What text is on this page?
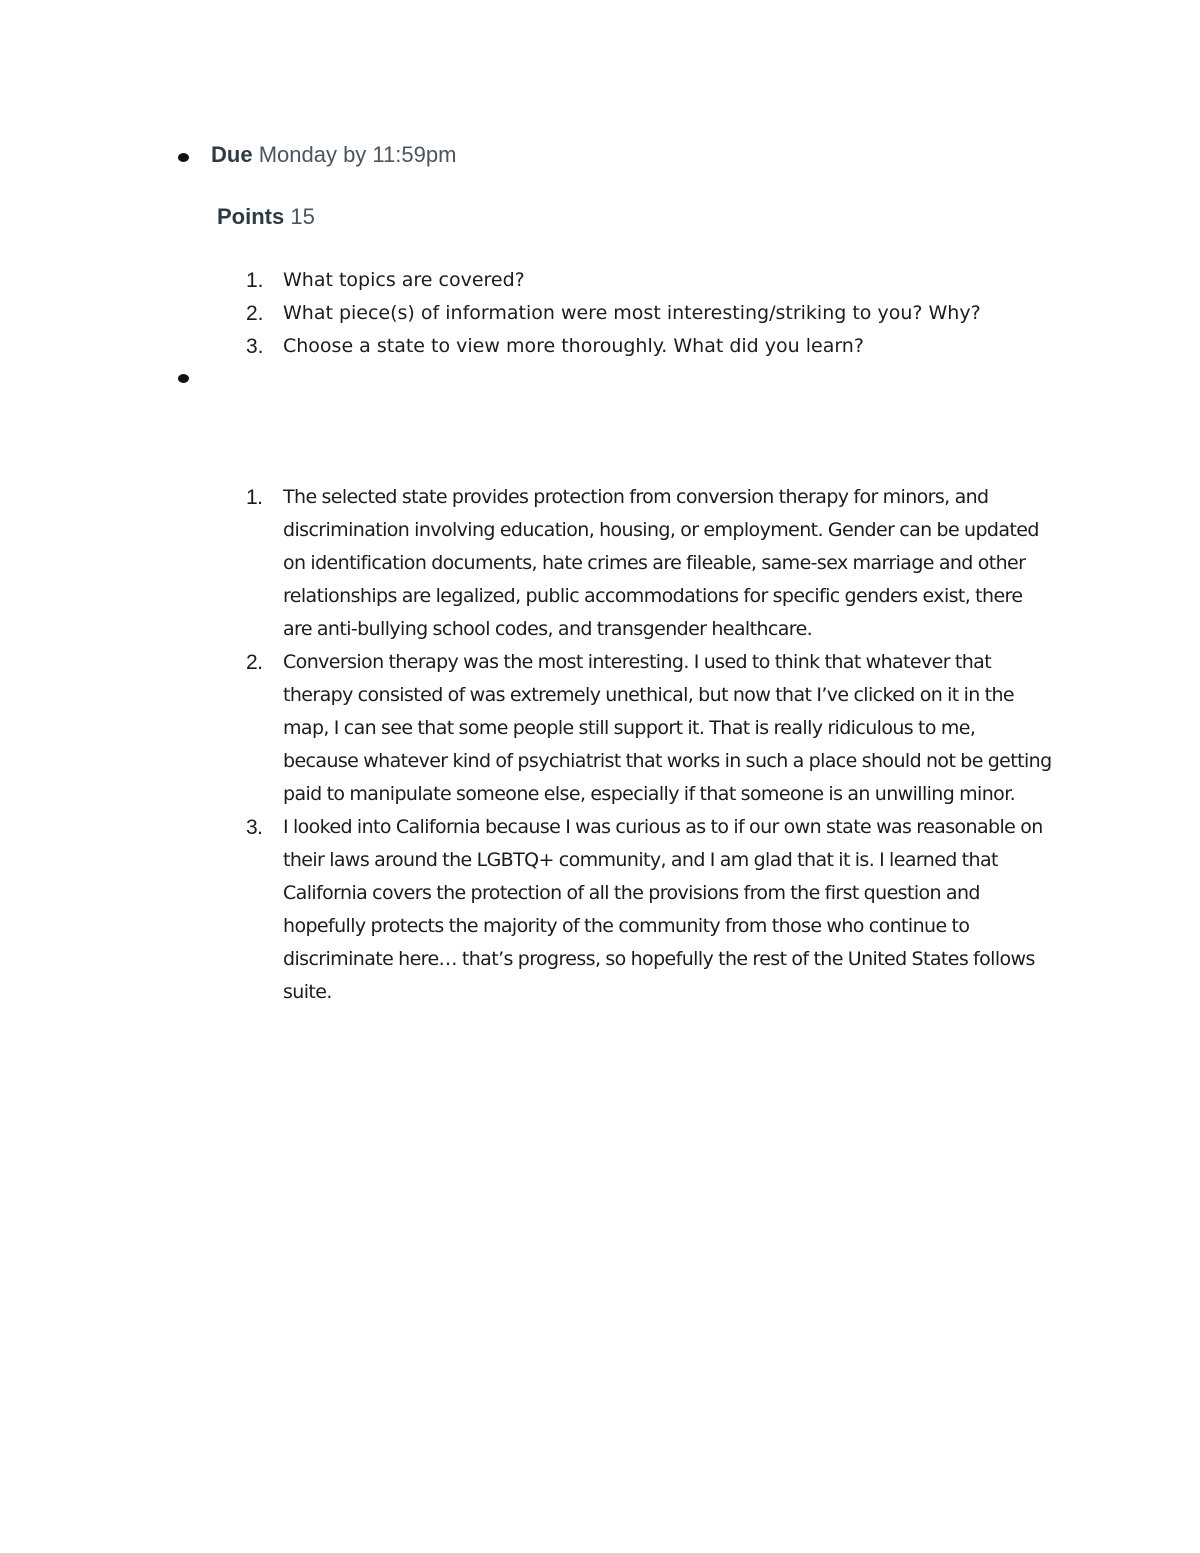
Due Monday by 11:59pm
Points 15
1. What topics are covered?
2. What piece(s) of information were most interesting/striking to you? Why?
3. Choose a state to view more thoroughly. What did you learn?
1. The selected state provides protection from conversion therapy for minors, and discrimination involving education, housing, or employment. Gender can be updated on identification documents, hate crimes are fileable, same-sex marriage and other relationships are legalized, public accommodations for specific genders exist, there are anti-bullying school codes, and transgender healthcare.
2. Conversion therapy was the most interesting. I used to think that whatever that therapy consisted of was extremely unethical, but now that I’ve clicked on it in the map, I can see that some people still support it. That is really ridiculous to me, because whatever kind of psychiatrist that works in such a place should not be getting paid to manipulate someone else, especially if that someone is an unwilling minor.
3. I looked into California because I was curious as to if our own state was reasonable on their laws around the LGBTQ+ community, and I am glad that it is. I learned that California covers the protection of all the provisions from the first question and hopefully protects the majority of the community from those who continue to discriminate here… that’s progress, so hopefully the rest of the United States follows suite.
